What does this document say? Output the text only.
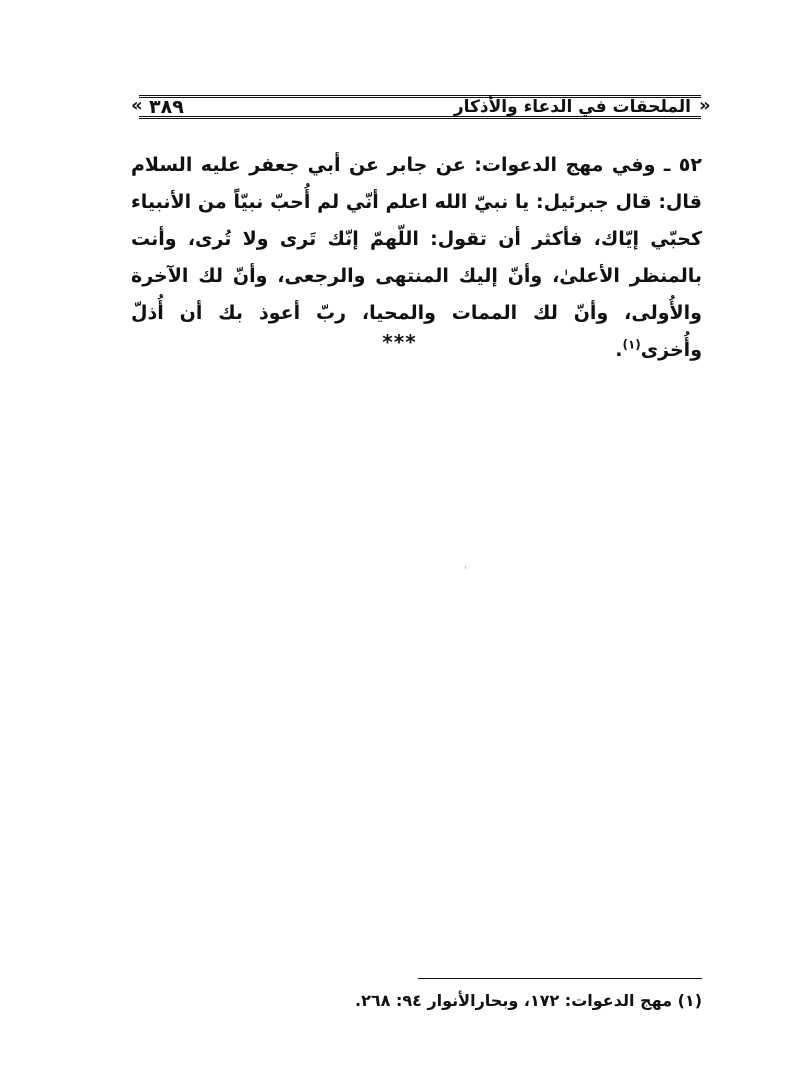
« ٣٨٩	الملحقات في الدعاء والأذكار »

٥٢ ـ وفي مهج الدعوات: عن جابر عن أبي جعفر عليه السلام قال: قال جبرئيل: يا نبيّ الله اعلم أنّي لم أُحبّ نبيّاً من الأنبياء كحبّي إيّاك، فأكثر أن تقول: اللّهمّ إنّك تَرى ولا تُرى، وأنت بالمنظر الأعلىٰ، وأنّ إليك المنتهى والرجعى، وأنّ لك الآخرة والأُولى، وأنّ لك الممات والمحيا، ربّ أعوذ بك أن أُذلّ وأُخزى$^{(١)}$.

***
(١) مهج الدعوات: ١٧٢، وبحارالأنوار ٩٤: ٢٦٨.
